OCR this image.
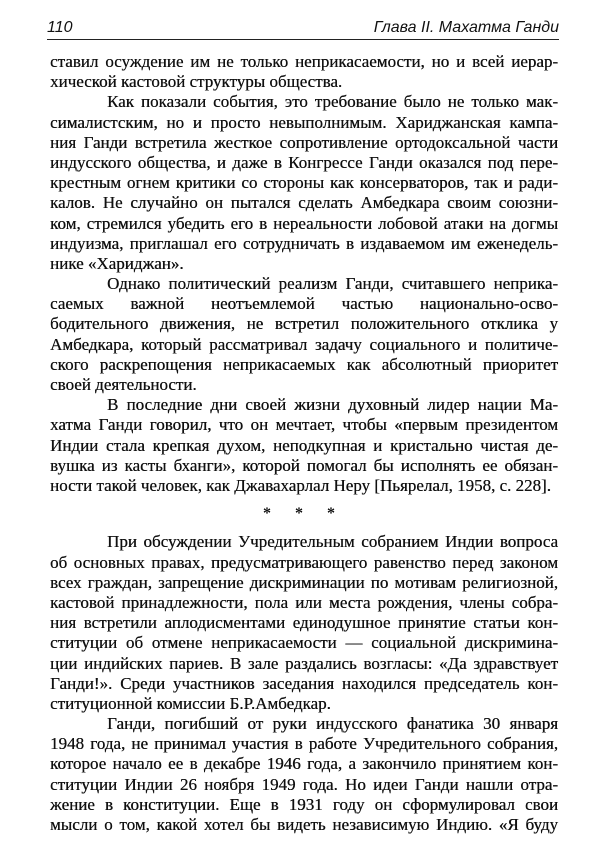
110	Глава II. Махатма Ганди
ставил осуждение им не только неприкасаемости, но и всей иерар-
хической кастовой структуры общества.
Как показали события, это требование было не только мак-
сималистским, но и просто невыполнимым. Хариджанская кампа-
ния Ганди встретила жесткое сопротивление ортодоксальной части
индусского общества, и даже в Конгрессе Ганди оказался под пере-
крестным огнем критики со стороны как консерваторов, так и ради-
калов. Не случайно он пытался сделать Амбедкара своим союзни-
ком, стремился убедить его в нереальности лобовой атаки на догмы
индуизма, приглашал его сотрудничать в издаваемом им еженедель-
нике «Хариджан».
Однако политический реализм Ганди, считавшего неприка-
саемых важной неотъемлемой частью национально-осво-
бодительного движения, не встретил положительного отклика у
Амбедкара, который рассматривал задачу социального и политиче-
ского раскрепощения неприкасаемых как абсолютный приоритет
своей деятельности.
В последние дни своей жизни духовный лидер нации Ма-
хатма Ганди говорил, что он мечтает, чтобы «первым президентом
Индии стала крепкая духом, неподкупная и кристально чистая де-
вушка из касты бханги», которой помогал бы исполнять ее обязан-
ности такой человек, как Джавахарлал Неру [Пьярелал, 1958, с. 228].
* * *
При обсуждении Учредительным собранием Индии вопроса
об основных правах, предусматривающего равенство перед законом
всех граждан, запрещение дискриминации по мотивам религиозной,
кастовой принадлежности, пола или места рождения, члены собра-
ния встретили аплодисментами единодушное принятие статьи кон-
ституции об отмене неприкасаемости — социальной дискримина-
ции индийских париев. В зале раздались возгласы: «Да здравствует
Ганди!». Среди участников заседания находился председатель кон-
ституционной комиссии Б.Р.Амбедкар.
Ганди, погибший от руки индусского фанатика 30 января
1948 года, не принимал участия в работе Учредительного собрания,
которое начало ее в декабре 1946 года, а закончило принятием кон-
ституции Индии 26 ноября 1949 года. Но идеи Ганди нашли отра-
жение в конституции. Еще в 1931 году он сформулировал свои
мысли о том, какой хотел бы видеть независимую Индию. «Я буду
